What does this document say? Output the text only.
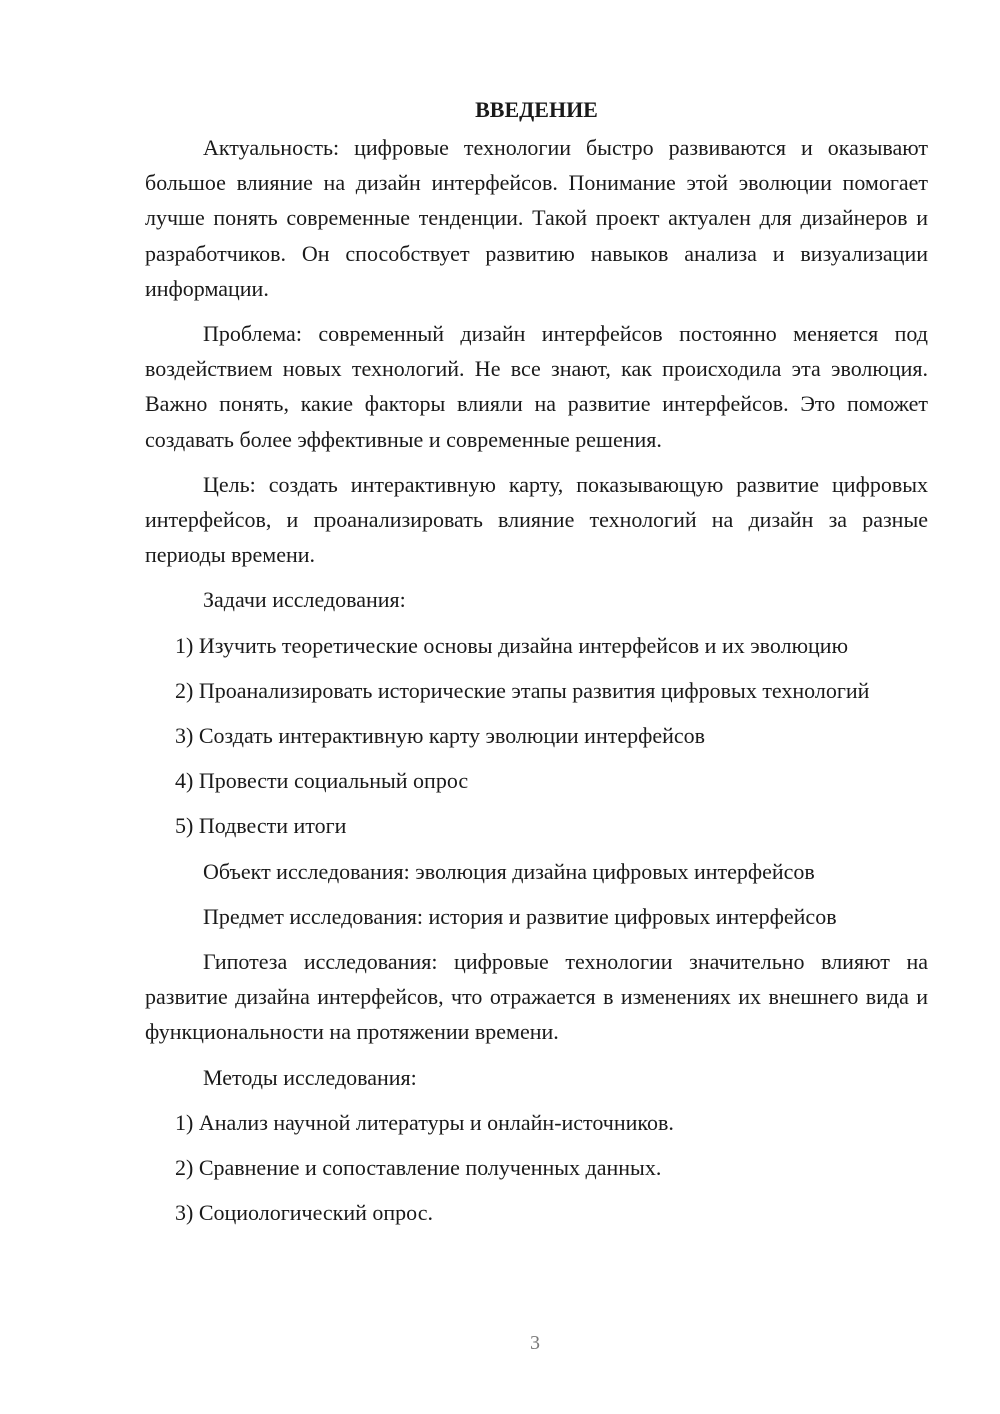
ВВЕДЕНИЕ

Актуальность: цифровые технологии быстро развиваются и оказывают большое влияние на дизайн интерфейсов. Понимание этой эволюции помогает лучше понять современные тенденции. Такой проект актуален для дизайнеров и разработчиков. Он способствует развитию навыков анализа и визуализации информации.

Проблема: современный дизайн интерфейсов постоянно меняется под воздействием новых технологий. Не все знают, как происходила эта эволюция. Важно понять, какие факторы влияли на развитие интерфейсов. Это поможет создавать более эффективные и современные решения.

Цель: создать интерактивную карту, показывающую развитие цифровых интерфейсов, и проанализировать влияние технологий на дизайн за разные периоды времени.

Задачи исследования:

1) Изучить теоретические основы дизайна интерфейсов и их эволюцию

2) Проанализировать исторические этапы развития цифровых технологий

3) Создать интерактивную карту эволюции интерфейсов

4) Провести социальный опрос

5) Подвести итоги

Объект исследования: эволюция дизайна цифровых интерфейсов

Предмет исследования: история и развитие цифровых интерфейсов

Гипотеза исследования: цифровые технологии значительно влияют на развитие дизайна интерфейсов, что отражается в изменениях их внешнего вида и функциональности на протяжении времени.

Методы исследования:

1) Анализ научной литературы и онлайн-источников.

2) Сравнение и сопоставление полученных данных.

3) Социологический опрос.

3
